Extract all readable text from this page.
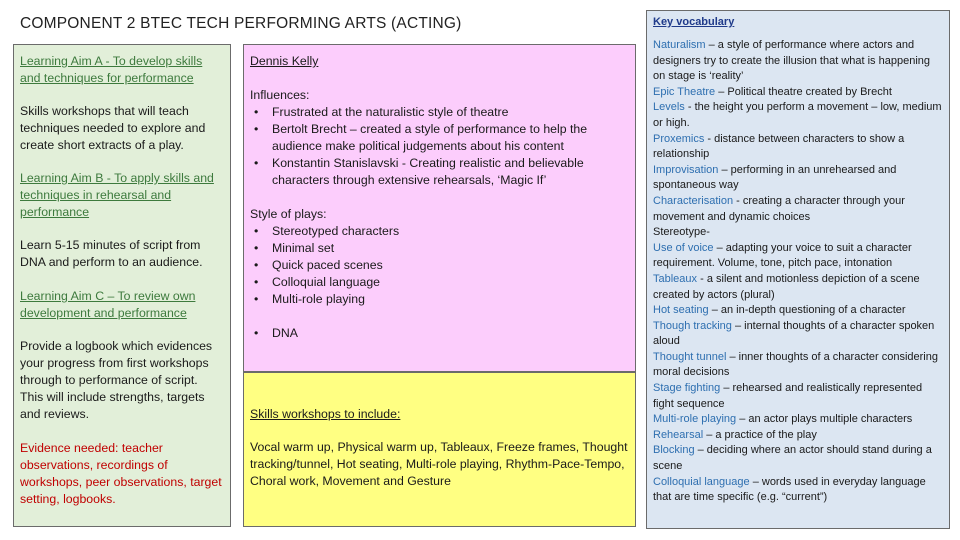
COMPONENT 2 BTEC TECH PERFORMING ARTS (ACTING)

Learning Aim A - To develop skills and techniques for performance

Skills workshops that will teach techniques needed to explore and create short extracts of a play.

Learning Aim B - To apply skills and techniques in rehearsal and performance

Learn 5-15 minutes of script from DNA and perform to an audience.

Learning Aim C – To review own development and performance

Provide a logbook which evidences your progress from first workshops through to performance of script. This will include strengths, targets and reviews.

Evidence needed: teacher observations, recordings of workshops, peer observations, target setting, logbooks.

Dennis Kelly

Influences:

• Frustrated at the naturalistic style of theatre
• Bertolt Brecht – created a style of performance to help the audience make political judgements about his content
• Konstantin Stanislavski - Creating realistic and believable characters through extensive rehearsals, ‘Magic If’

Style of plays:

• Stereotyped characters
• Minimal set
• Quick paced scenes
• Colloquial language
• Multi-role playing
• DNA

Skills workshops to include:

Vocal warm up, Physical warm up, Tableaux, Freeze frames, Thought tracking/tunnel, Hot seating, Multi-role playing, Rhythm-Pace-Tempo, Choral work, Movement and Gesture

Key vocabulary

Naturalism – a style of performance where actors and designers try to create the illusion that what is happening on stage is ‘reality’

Epic Theatre – Political theatre created by Brecht

Levels - the height you perform a movement – low, medium or high.

Proxemics - distance between characters to show a relationship

Improvisation – performing in an unrehearsed and spontaneous way

Characterisation - creating a character through your movement and dynamic choices

Stereotype-

Use of voice – adapting your voice to suit a character requirement. Volume, tone, pitch pace, intonation

Tableaux - a silent and motionless depiction of a scene created by actors (plural)

Hot seating – an in-depth questioning of a character

Though tracking – internal thoughts of a character spoken aloud

Thought tunnel – inner thoughts of a character considering moral decisions

Stage fighting – rehearsed and realistically represented fight sequence

Multi-role playing – an actor plays multiple characters

Rehearsal – a practice of the play

Blocking – deciding where an actor should stand during a scene

Colloquial language – words used in everyday language that are time specific (e.g. “current”)
